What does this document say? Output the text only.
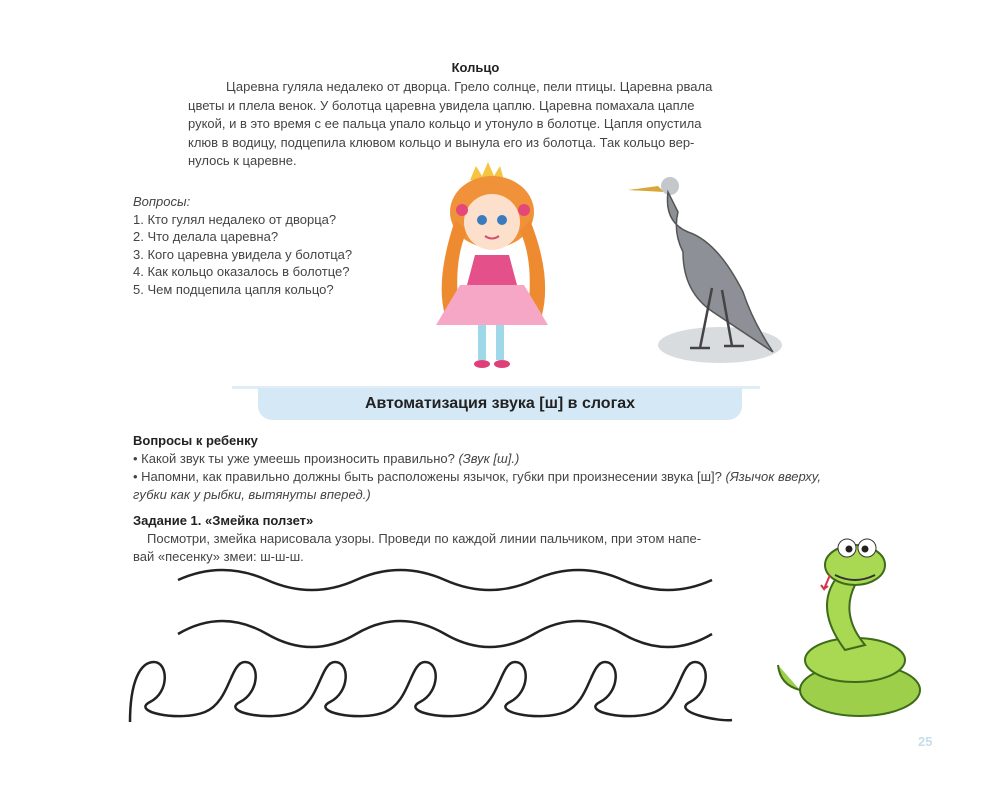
Кольцо
Царевна гуляла недалеко от дворца. Грело солнце, пели птицы. Царевна рвала
цветы и плела венок. У болотца царевна увидела цаплю. Царевна помахала цапле
рукой, и в это время с ее пальца упало кольцо и утонуло в болотце. Цапля опустила
клюв в водицу, подцепила клювом кольцо и вынула его из болотца. Так кольцо вер-
нулось к царевне.
Вопросы:
1. Кто гулял недалеко от дворца?
2. Что делала царевна?
3. Кого царевна увидела у болотца?
4. Как кольцо оказалось в болотце?
5. Чем подцепила цапля кольцо?
Автоматизация звука [ш] в слогах
Вопросы к ребенку
• Какой звук ты уже умеешь произносить правильно? (Звук [ш].)
• Напомни, как правильно должны быть расположены язычок, губки при произнесении звука [ш]? (Язычок вверху,
губки как у рыбки, вытянуты вперед.)
Задание 1. «Змейка ползет»
Посмотри, змейка нарисовала узоры. Проведи по каждой линии пальчиком, при этом напе-
вай «песенку» змеи: ш-ш-ш.
25
